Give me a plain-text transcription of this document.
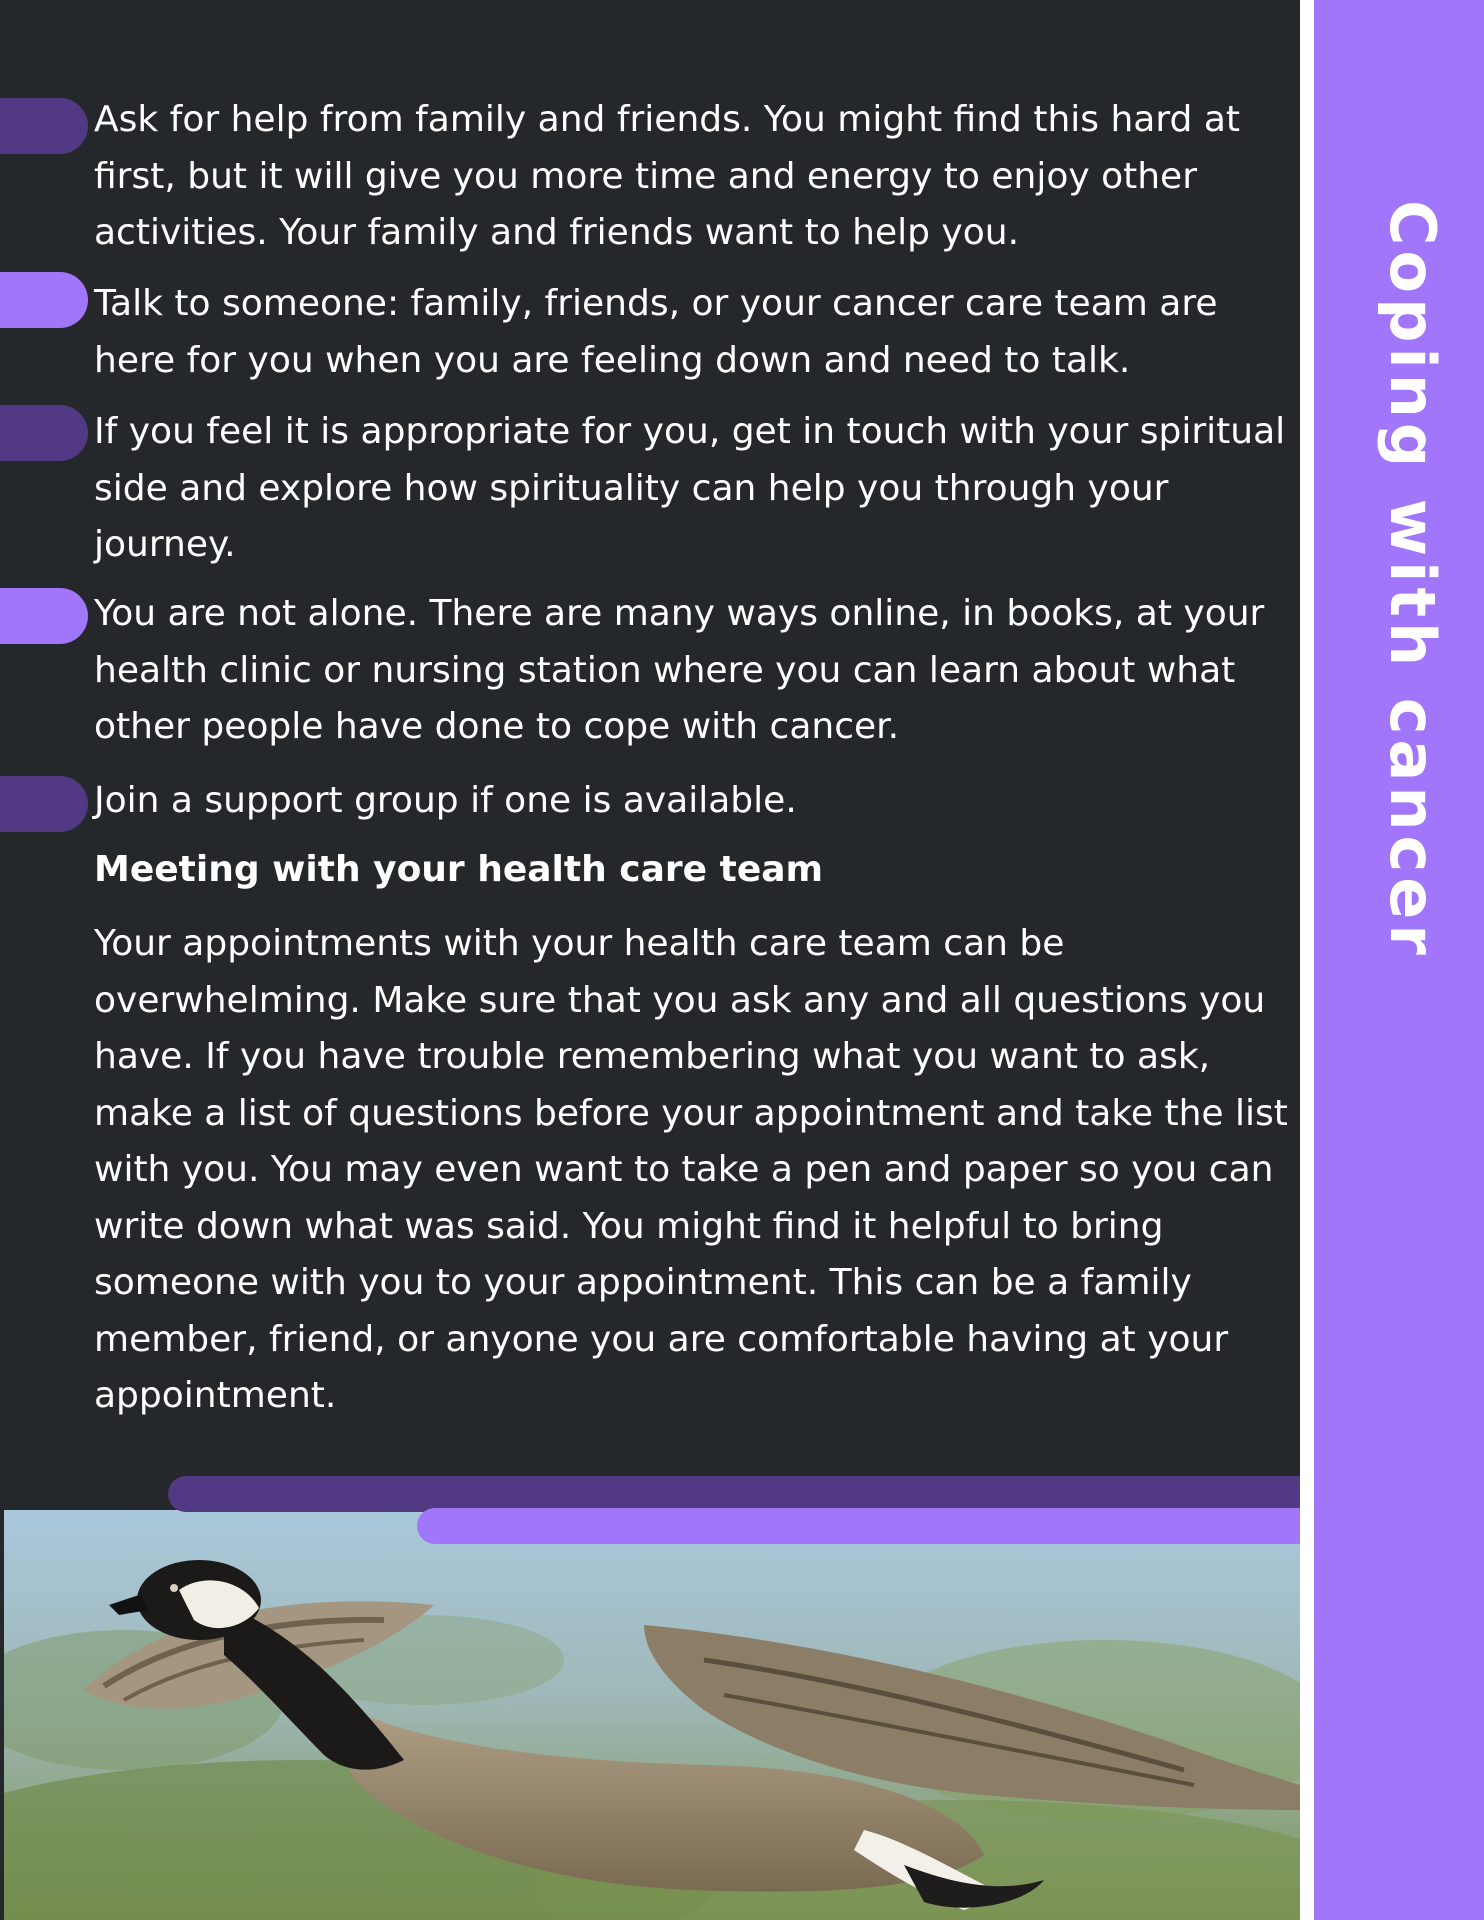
Ask for help from family and friends. You might find this hard at first, but it will give you more time and energy to enjoy other activities. Your family and friends want to help you.

Talk to someone: family, friends, or your cancer care team are here for you when you are feeling down and need to talk.

If you feel it is appropriate for you, get in touch with your spiritual side and explore how spirituality can help you through your journey.

You are not alone. There are many ways online, in books, at your health clinic or nursing station where you can learn about what other people have done to cope with cancer.

Join a support group if one is available.

Meeting with your health care team

Your appointments with your health care team can be overwhelming. Make sure that you ask any and all questions you have. If you have trouble remembering what you want to ask, make a list of questions before your appointment and take the list with you. You may even want to take a pen and paper so you can write down what was said. You might find it helpful to bring someone with you to your appointment. This can be a family member, friend, or anyone you are comfortable having at your appointment.

Coping with cancer
